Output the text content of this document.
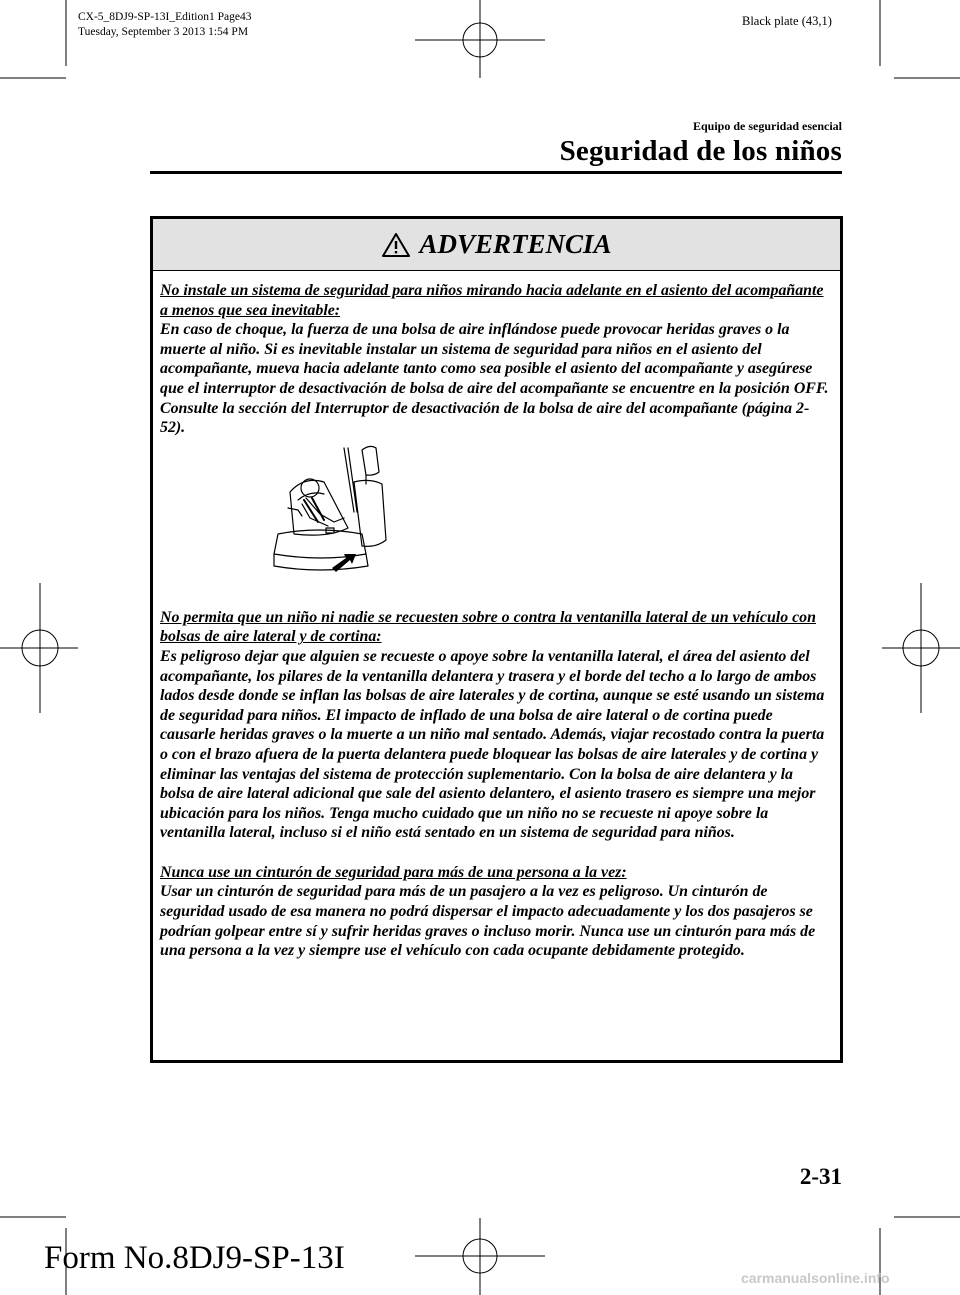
CX-5_8DJ9-SP-13I_Edition1 Page43
Tuesday, September 3 2013 1:54 PM
Black plate (43,1)
Equipo de seguridad esencial
Seguridad de los niños
ADVERTENCIA

No instale un sistema de seguridad para niños mirando hacia adelante en el asiento del acompañante a menos que sea inevitable:

En caso de choque, la fuerza de una bolsa de aire inflándose puede provocar heridas graves o la muerte al niño. Si es inevitable instalar un sistema de seguridad para niños en el asiento del acompañante, mueva hacia adelante tanto como sea posible el asiento del acompañante y asegúrese que el interruptor de desactivación de bolsa de aire del acompañante se encuentre en la posición OFF. Consulte la sección del Interruptor de desactivación de la bolsa de aire del acompañante (página 2-52).

No permita que un niño ni nadie se recuesten sobre o contra la ventanilla lateral de un vehículo con bolsas de aire lateral y de cortina:

Es peligroso dejar que alguien se recueste o apoye sobre la ventanilla lateral, el área del asiento del acompañante, los pilares de la ventanilla delantera y trasera y el borde del techo a lo largo de ambos lados desde donde se inflan las bolsas de aire laterales y de cortina, aunque se esté usando un sistema de seguridad para niños. El impacto de inflado de una bolsa de aire lateral o de cortina puede causarle heridas graves o la muerte a un niño mal sentado. Además, viajar recostado contra la puerta o con el brazo afuera de la puerta delantera puede bloquear las bolsas de aire laterales y de cortina y eliminar las ventajas del sistema de protección suplementario. Con la bolsa de aire delantera y la bolsa de aire lateral adicional que sale del asiento delantero, el asiento trasero es siempre una mejor ubicación para los niños. Tenga mucho cuidado que un niño no se recueste ni apoye sobre la ventanilla lateral, incluso si el niño está sentado en un sistema de seguridad para niños.

Nunca use un cinturón de seguridad para más de una persona a la vez:

Usar un cinturón de seguridad para más de un pasajero a la vez es peligroso. Un cinturón de seguridad usado de esa manera no podrá dispersar el impacto adecuadamente y los dos pasajeros se podrían golpear entre sí y sufrir heridas graves o incluso morir. Nunca use un cinturón para más de una persona a la vez y siempre use el vehículo con cada ocupante debidamente protegido.

2-31
Form No.8DJ9-SP-13I
carmanualsonline.info
